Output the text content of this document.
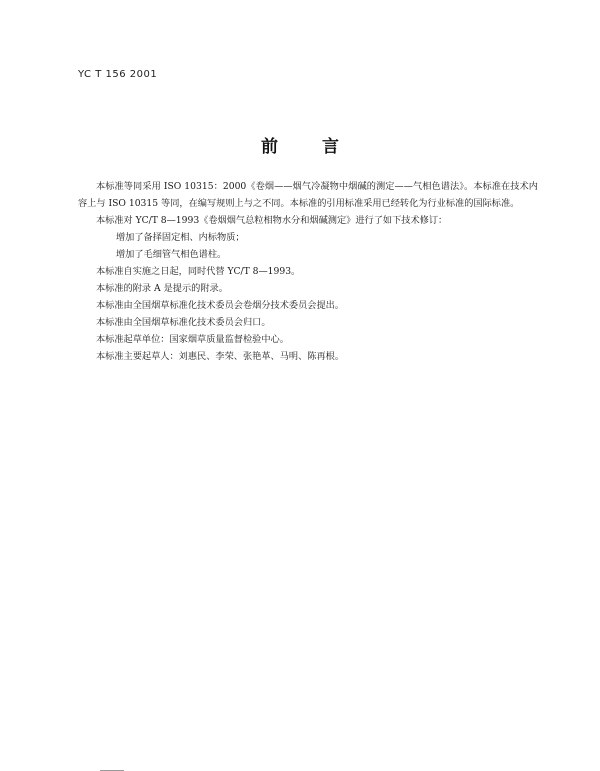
YC T 156 2001
前	言

本标准等同采用 ISO 10315：2000《卷烟——烟气冷凝物中烟碱的测定——气相色谱法》。本标准在技术内容上与 ISO 10315 等同，在编写规则上与之不同。本标准的引用标准采用已经转化为行业标准的国际标准。

本标准对 YC/T 8—1993《卷烟烟气总粒相物水分和烟碱测定》进行了如下技术修订：

增加了备择固定相、内标物质；

增加了毛细管气相色谱柱。

本标准自实施之日起，同时代替 YC/T 8—1993。

本标准的附录 A 是提示的附录。

本标准由全国烟草标准化技术委员会卷烟分技术委员会提出。

本标准由全国烟草标准化技术委员会归口。

本标准起草单位：国家烟草质量监督检验中心。

本标准主要起草人：刘惠民、李荣、张艳革、马明、陈再根。
